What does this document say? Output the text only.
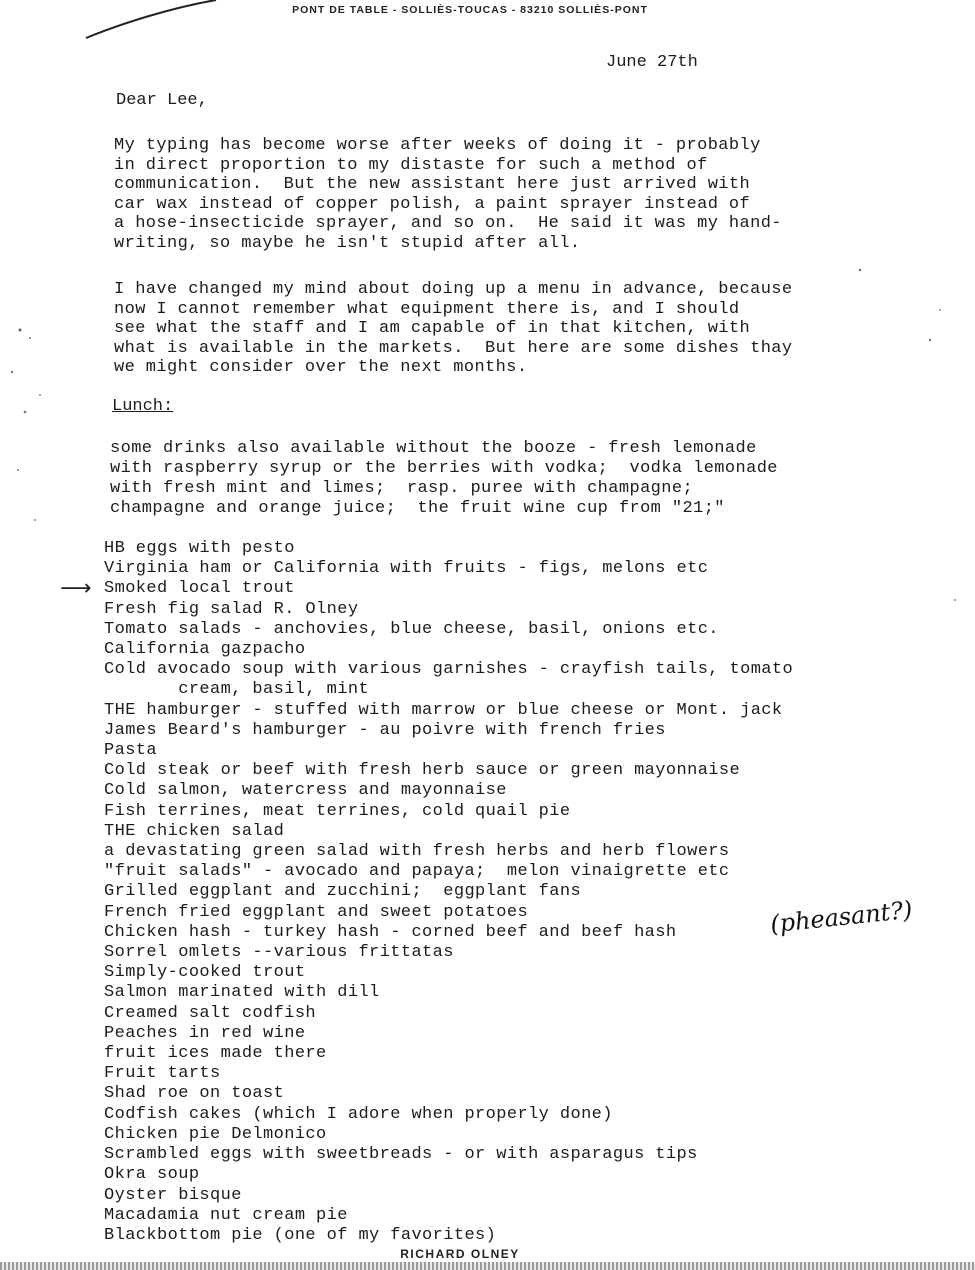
PONT DE TABLE - SOLLIÈS-TOUCAS - 83210 SOLLIÈS-PONT
June 27th
Dear Lee,
My typing has become worse after weeks of doing it - probably
in direct proportion to my distaste for such a method of
communication.  But the new assistant here just arrived with
car wax instead of copper polish, a paint sprayer instead of
a hose-insecticide sprayer, and so on.  He said it was my hand-
writing, so maybe he isn't stupid after all.
I have changed my mind about doing up a menu in advance, because
now I cannot remember what equipment there is, and I should
see what the staff and I am capable of in that kitchen, with
what is available in the markets.  But here are some dishes thay
we might consider over the next months.
Lunch:
some drinks also available without the booze - fresh lemonade
with raspberry syrup or the berries with vodka;  vodka lemonade
with fresh mint and limes;  rasp. puree with champagne;
champagne and orange juice;  the fruit wine cup from "21;"
HB eggs with pesto
Virginia ham or California with fruits - figs, melons etc
Smoked local trout
Fresh fig salad R. Olney
Tomato salads - anchovies, blue cheese, basil, onions etc.
California gazpacho
Cold avocado soup with various garnishes - crayfish tails, tomato
cream, basil, mint
THE hamburger - stuffed with marrow or blue cheese or Mont. jack
James Beard's hamburger - au poivre with french fries
Pasta
Cold steak or beef with fresh herb sauce or green mayonnaise
Cold salmon, watercress and mayonnaise
Fish terrines, meat terrines, cold quail pie
THE chicken salad
a devastating green salad with fresh herbs and herb flowers
"fruit salads" - avocado and papaya;  melon vinaigrette etc
Grilled eggplant and zucchini;  eggplant fans
French fried eggplant and sweet potatoes
Chicken hash - turkey hash - corned beef and beef hash
Sorrel omlets --various frittatas
Simply-cooked trout
Salmon marinated with dill
Creamed salt codfish
Peaches in red wine
fruit ices made there
Fruit tarts
Shad roe on toast
Codfish cakes (which I adore when properly done)
Chicken pie Delmonico
Scrambled eggs with sweetbreads - or with asparagus tips
Okra soup
Oyster bisque
Macadamia nut cream pie
Blackbottom pie (one of my favorites)
⟶
(pheasant?)
RICHARD OLNEY
